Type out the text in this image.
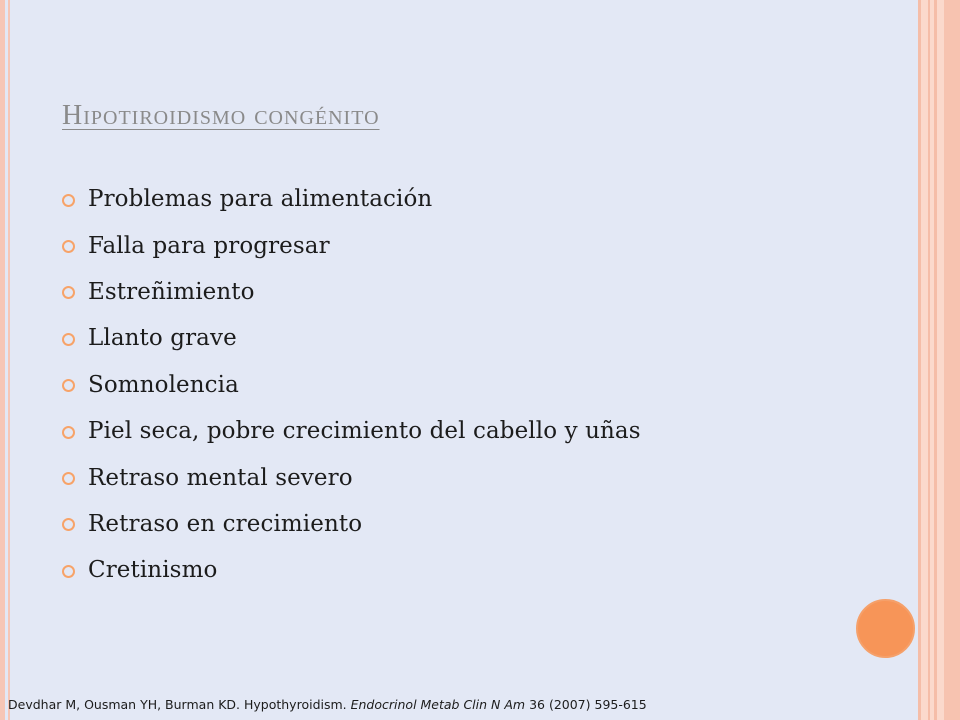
Hipotiroidismo congénito
Problemas para alimentación
Falla para progresar
Estreñimiento
Llanto grave
Somnolencia
Piel seca, pobre crecimiento del cabello y uñas
Retraso mental severo
Retraso en crecimiento
Cretinismo
Devdhar M, Ousman YH, Burman KD. Hypothyroidism. Endocrinol Metab Clin N Am 36 (2007) 595-615
